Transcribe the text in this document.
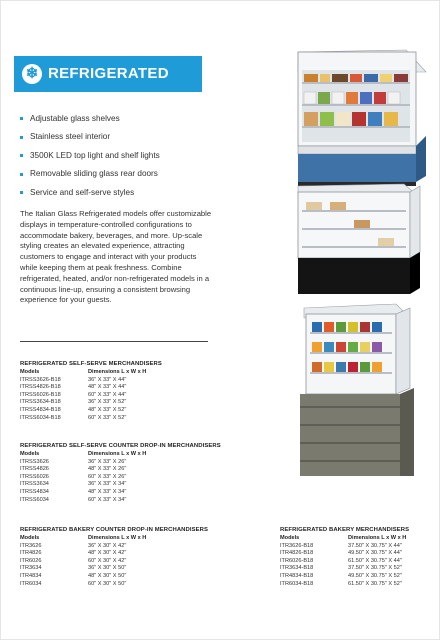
❄ REFRIGERATED
Adjustable glass shelves
Stainless steel interior
3500K LED top light and shelf lights
Removable sliding glass rear doors
Service and self-serve styles

The Italian Glass Refrigerated models offer customizable displays in temperature-controlled configurations to accommodate bakery, beverages, and more. Up-scale styling creates an elevated experience, attracting customers to engage and interact with your products while keeping them at peak freshness. Combine refrigerated, heated, and/or non-refrigerated models in a continuous line-up, ensuring a consistent browsing experience for your guests.

REFRIGERATED SELF-SERVE MERCHANDISERS
Models	Dimensions L x W x H
ITRSS3626-B18	36" X 33" X 44"
ITRSS4826-B18	48" X 33" X 44"
ITRSS6026-B18	60" X 33" X 44"
ITRSS3634-B18	36" X 33" X 52"
ITRSS4834-B18	48" X 33" X 52"
ITRSS6034-B18	60" X 33" X 52"
REFRIGERATED SELF-SERVE COUNTER DROP-IN MERCHANDISERS
Models	Dimensions L x W x H
ITRSS3626	36" X 33" X 26"
ITRSS4826	48" X 33" X 26"
ITRSS6026	60" X 33" X 26"
ITRSS3634	36" X 33" X 34"
ITRSS4834	48" X 33" X 34"
ITRSS6034	60" X 33" X 34"
REFRIGERATED BAKERY COUNTER DROP-IN MERCHANDISERS
Models	Dimensions L x W x H
ITR3626	36" X 30" X 42"
ITR4826	48" X 30" X 42"
ITR6026	60" X 30" X 42"
ITR3634	36" X 30" X 50"
ITR4834	48" X 30" X 50"
ITR6034	60" X 30" X 50"
REFRIGERATED BAKERY MERCHANDISERS
Models	Dimensions L x W x H
ITR3626-B18	37.50" X 30.75" X 44"
ITR4826-B18	49.50" X 30.75" X 44"
ITR6026-B18	61.50" X 30.75" X 44"
ITR3634-B18	37.50" X 30.75" X 52"
ITR4834-B18	49.50" X 30.75" X 52"
ITR6034-B18	61.50" X 30.75" X 52"
